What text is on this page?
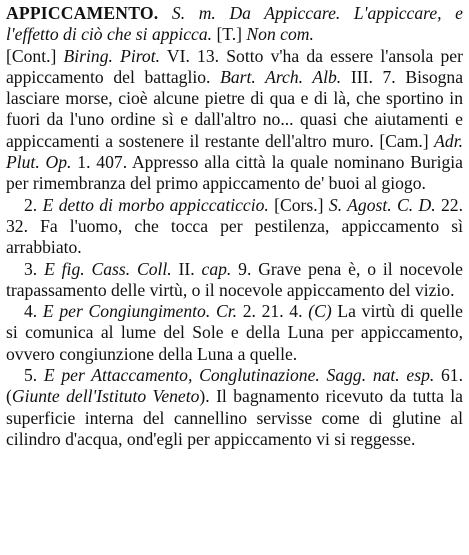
APPICCAMENTO. S. m. Da Appiccare. L'appiccare, e l'effetto di ciò che si appicca. [T.] Non com.
[Cont.] Biring. Pirot. VI. 13. Sotto v'ha da essere l'ansola per appiccamento del battaglio. Bart. Arch. Alb. III. 7. Bisogna lasciare morse, cioè alcune pietre di qua e di là, che sportino in fuori da l'uno ordine sì e dall'altro no... quasi che aiutamenti e appiccamenti a sostenere il restante dell'altro muro. [Cam.] Adr. Plut. Op. 1. 407. Appresso alla città la quale nominano Burigia per rimembranza del primo appiccamento de' buoi al giogo.

2. E detto di morbo appiccaticcio. [Cors.] S. Agost. C. D. 22. 32. Fa l'uomo, che tocca per pestilenza, appiccamento sì arrabbiato.

3. E fig. Cass. Coll. II. cap. 9. Grave pena è, o il nocevole trapassamento delle virtù, o il nocevole appiccamento del vizio.

4. E per Congiungimento. Cr. 2. 21. 4. (C) La virtù di quelle si comunica al lume del Sole e della Luna per appiccamento, ovvero congiunzione della Luna a quelle.

5. E per Attaccamento, Conglutinazione. Sagg. nat. esp. 61. (Giunte dell'Istituto Veneto). Il bagnamento ricevuto da tutta la superficie interna del cannellino servisse come di glutine al cilindro d'acqua, ond'egli per appiccamento vi si reggesse.
